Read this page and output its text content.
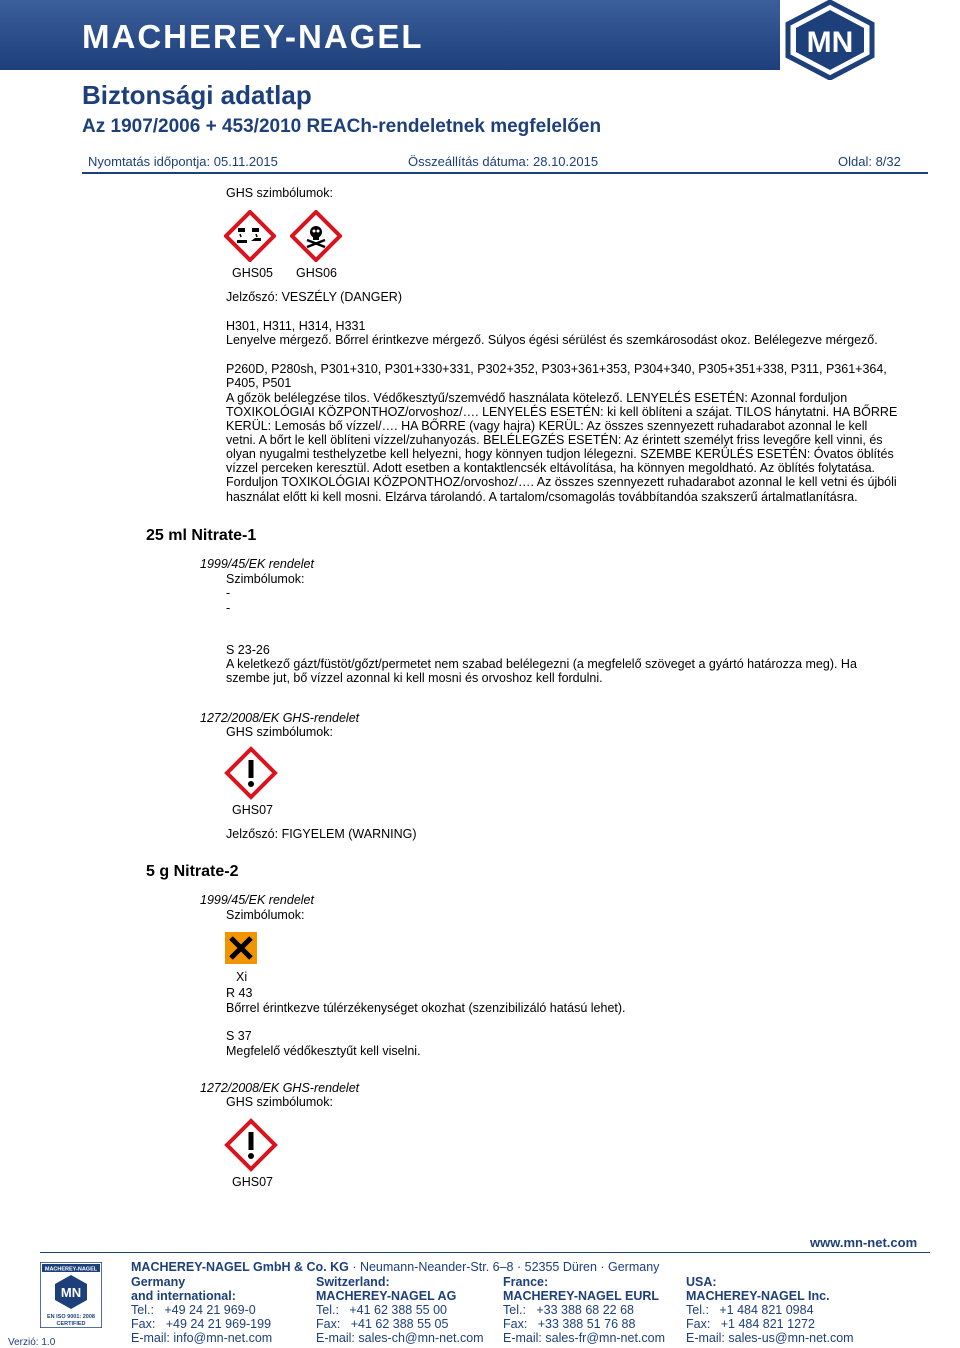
MACHEREY-NAGEL	MN
Biztonsági adatlap
Az 1907/2006 + 453/2010 REACh-rendeletnek megfelelően
Nyomtatás időpontja: 05.11.2015	Összeállítás dátuma: 28.10.2015	Oldal: 8/32
GHS szimbólumok:
GHS05 GHS06
Jelzőszó: VESZÉLY (DANGER)
H301, H311, H314, H331
Lenyelve mérgező. Bőrrel érintkezve mérgező. Súlyos égési sérülést és szemkárosodást okoz. Belélegezve mérgező.
P260D, P280sh, P301+310, P301+330+331, P302+352, P303+361+353, P304+340, P305+351+338, P311, P361+364,
P405, P501
A gőzök belélegzése tilos. Védőkesztyű/szemvédő használata kötelező. LENYELÉS ESETÉN: Azonnal forduljon
TOXIKOLÓGIAI KÖZPONTHOZ/orvoshoz/…. LENYELÉS ESETÉN: ki kell öblíteni a szájat. TILOS hánytatni. HA BŐRRE
KERÜL: Lemosás bő vízzel/…. HA BŐRRE (vagy hajra) KERÜL: Az összes szennyezett ruhadarabot azonnal le kell
vetni. A bőrt le kell öblíteni vízzel/zuhanyozás. BELÉLEGZÉS ESETÉN: Az érintett személyt friss levegőre kell vinni, és
olyan nyugalmi testhelyzetbe kell helyezni, hogy könnyen tudjon lélegezni. SZEMBE KERÜLÉS ESETÉN: Óvatos öblítés
vízzel perceken keresztül. Adott esetben a kontaktlencsék eltávolítása, ha könnyen megoldható. Az öblítés folytatása.
Forduljon TOXIKOLÓGIAI KÖZPONTHOZ/orvoshoz/…. Az összes szennyezett ruhadarabot azonnal le kell vetni és újbóli
használat előtt ki kell mosni. Elzárva tárolandó. A tartalom/csomagolás továbbítandóa szakszerű ártalmatlanításra.
25 ml Nitrate-1
1999/45/EK rendelet
Szimbólumok:
-
-
S 23-26
A keletkező gázt/füstöt/gőzt/permetet nem szabad belélegezni (a megfelelő szöveget a gyártó határozza meg). Ha
szembe jut, bő vízzel azonnal ki kell mosni és orvoshoz kell fordulni.
1272/2008/EK GHS-rendelet
GHS szimbólumok:
GHS07
Jelzőszó: FIGYELEM (WARNING)
5 g Nitrate-2
1999/45/EK rendelet
Szimbólumok:
Xi
R 43
Bőrrel érintkezve túlérzékenységet okozhat (szenzibilizáló hatású lehet).
S 37
Megfelelő védőkesztyűt kell viselni.
1272/2008/EK GHS-rendelet
GHS szimbólumok:
GHS07
www.mn-net.com
MACHEREY-NAGEL
MN
EN ISO 9001: 2008
CERTIFIED
Verzió: 1.0
MACHEREY-NAGEL GmbH & Co. KG · Neumann-Neander-Str. 6–8 · 52355 Düren · Germany
Germany
and international:
Tel.:   +49 24 21 969-0
Fax:   +49 24 21 969-199
E-mail: info@mn-net.com
Switzerland:
MACHEREY-NAGEL AG
Tel.:   +41 62 388 55 00
Fax:   +41 62 388 55 05
E-mail: sales-ch@mn-net.com
France:
MACHEREY-NAGEL EURL
Tel.:   +33 388 68 22 68
Fax:   +33 388 51 76 88
E-mail: sales-fr@mn-net.com
USA:
MACHEREY-NAGEL Inc.
Tel.:   +1 484 821 0984
Fax:   +1 484 821 1272
E-mail: sales-us@mn-net.com
